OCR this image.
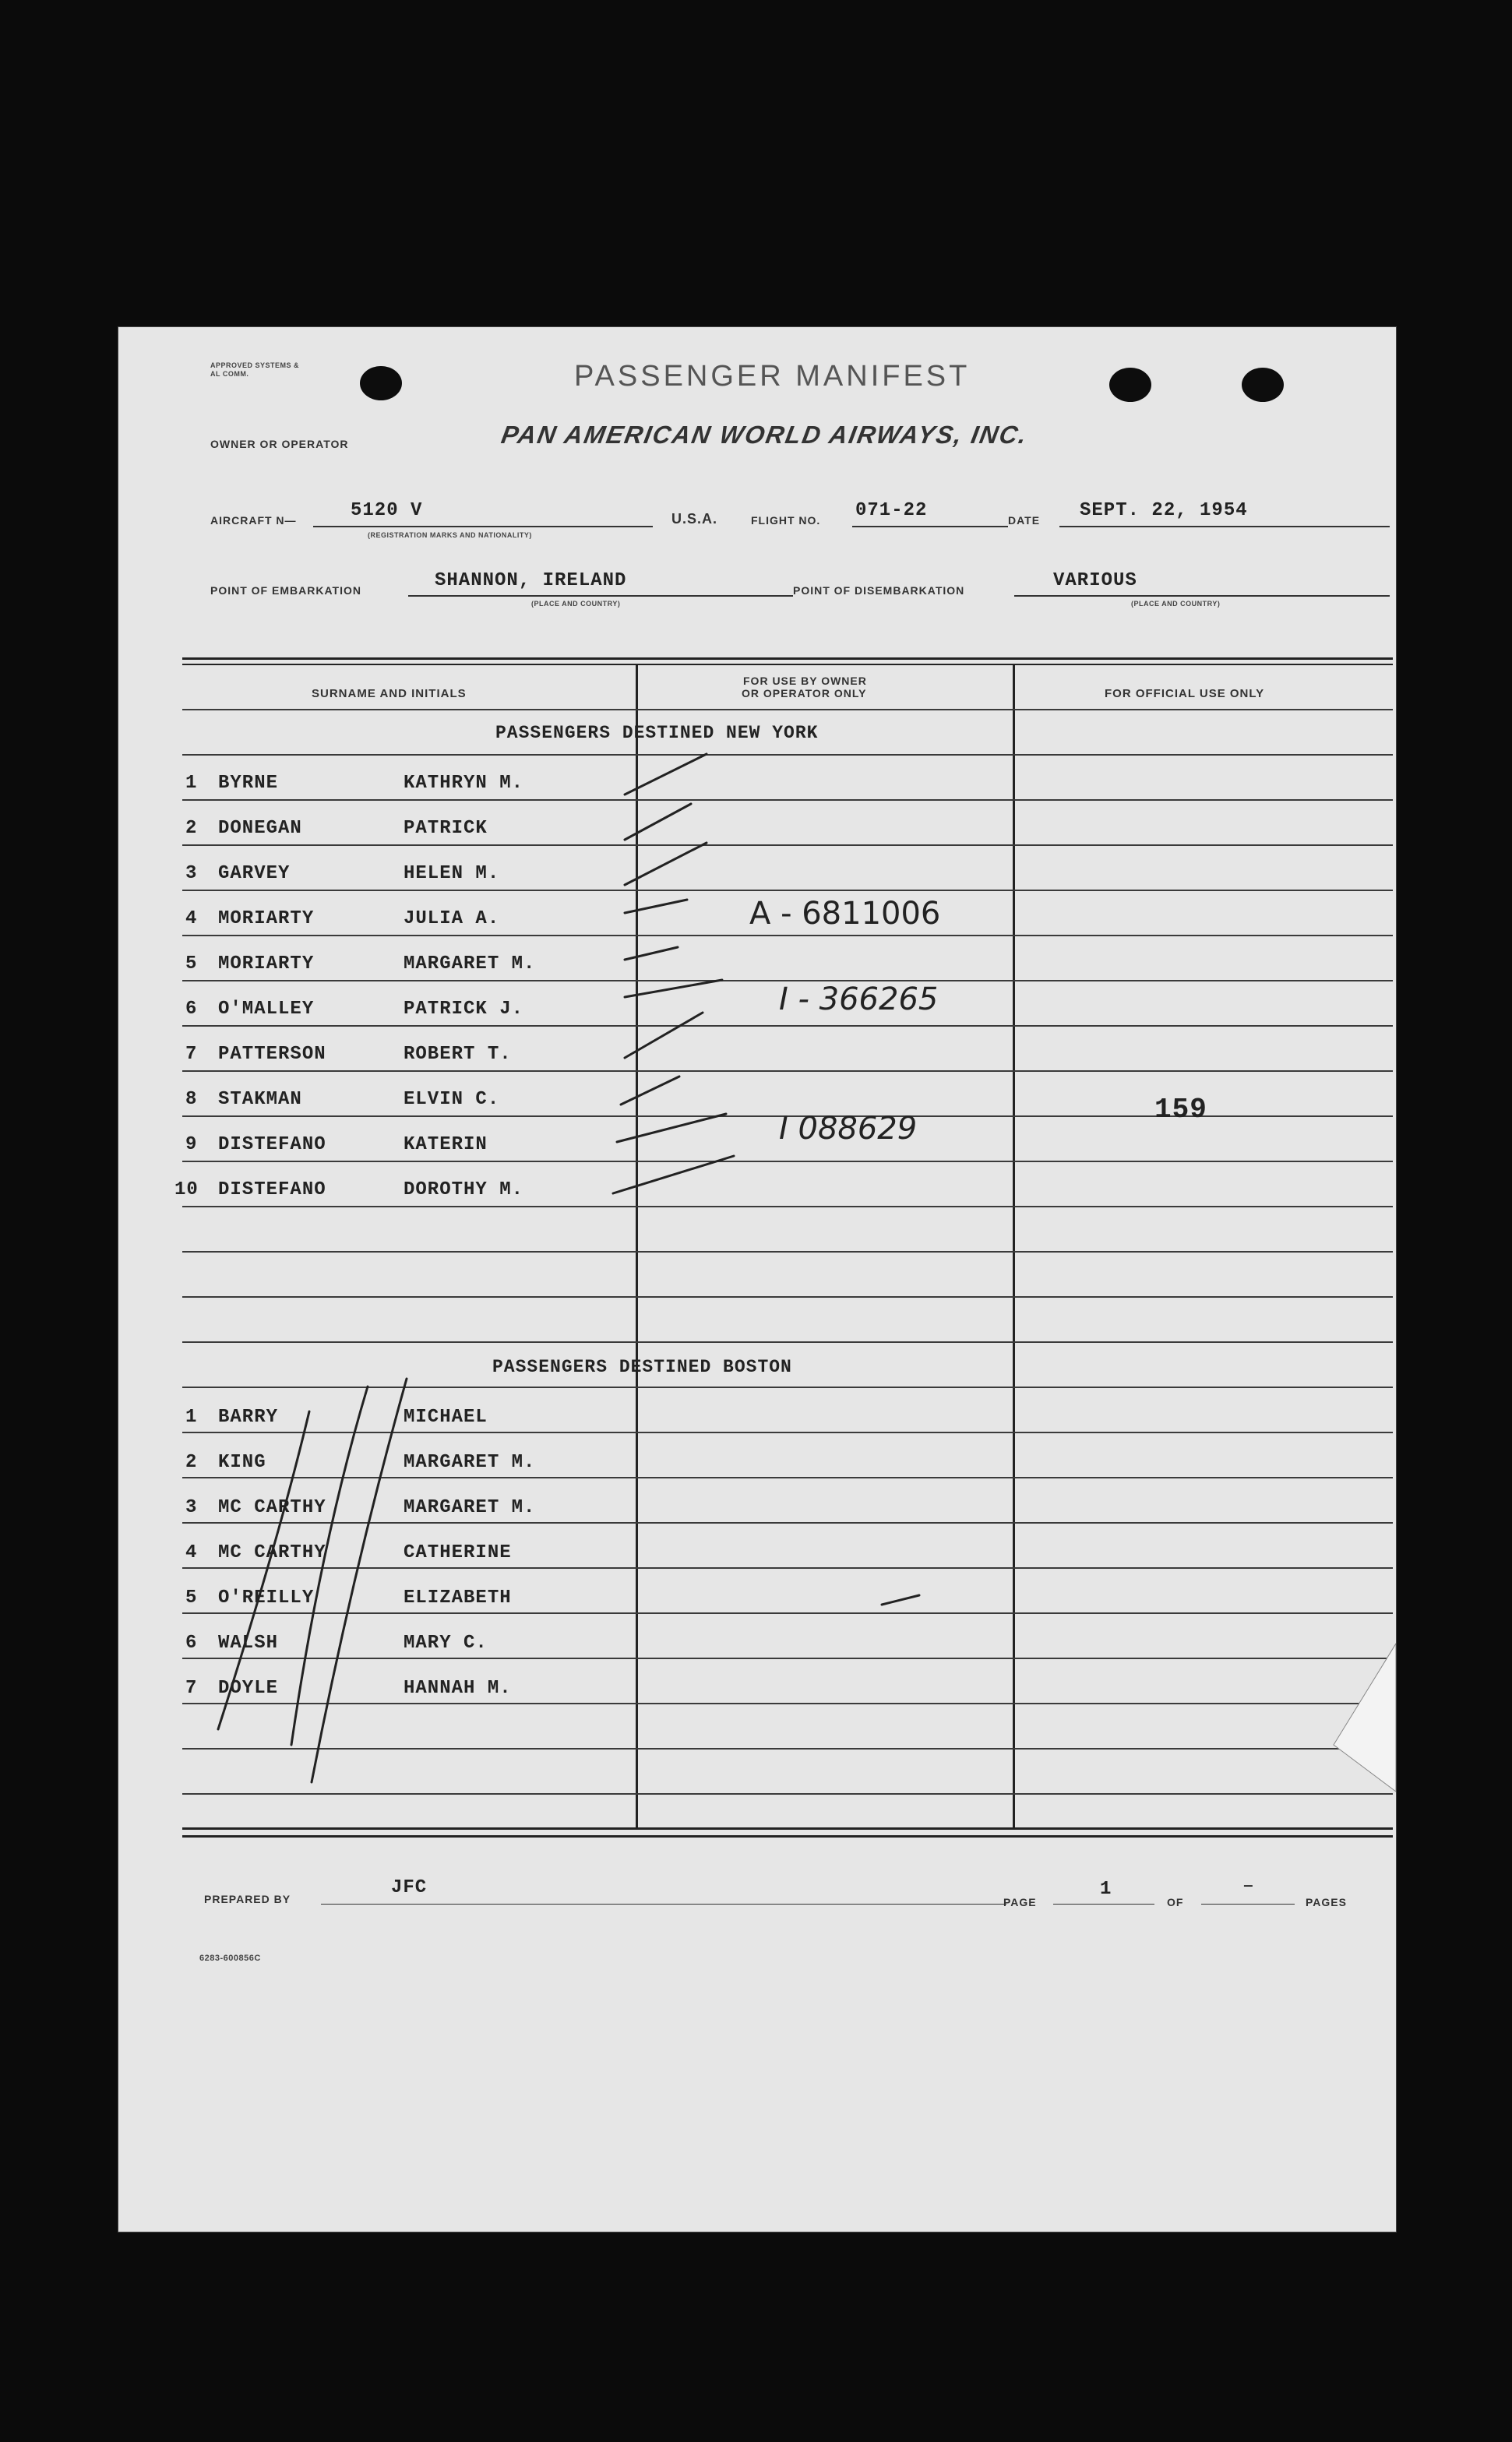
APPROVED SYSTEMS & AL COMM.	PASSENGER MANIFEST
PAN AMERICAN WORLD AIRWAYS, INC.
OWNER OR OPERATOR
AIRCRAFT N—	5120 V
(REGISTRATION MARKS AND NATIONALITY)
U.S.A.	FLIGHT NO. 071-22	DATE SEPT. 22, 1954
POINT OF EMBARKATION	SHANNON, IRELAND
(PLACE AND COUNTRY)
POINT OF DISEMBARKATION	VARIOUS
(PLACE AND COUNTRY)
SURNAME AND INITIALS
FOR USE BY OWNER
OR OPERATOR ONLY	FOR OFFICIAL USE ONLY
PASSENGERS DESTINED NEW YORK
PASSENGERS DESTINED BOSTON
1 BYRNE	KATHRYN M.
2 DONEGAN	PATRICK
3 GARVEY	HELEN M.
4 MORIARTY	JULIA A.
5 MORIARTY	MARGARET M.
6 O'MALLEY	PATRICK J.
7 PATTERSON	ROBERT T.
8 STAKMAN	ELVIN C.
9 DISTEFANO	KATERIN
10 DISTEFANO	DOROTHY M.
1 BARRY	MICHAEL
2 KING	MARGARET M.
3 MC CARTHY	MARGARET M.
4 MC CARTHY	CATHERINE
5 O'REILLY	ELIZABETH
6 WALSH	MARY C.
7 DOYLE	HANNAH M.
A - 6811006
I - 366265
I 088629
159
PREPARED BY
JFC
PAGE
1
OF
—
PAGES
6283-600856C
